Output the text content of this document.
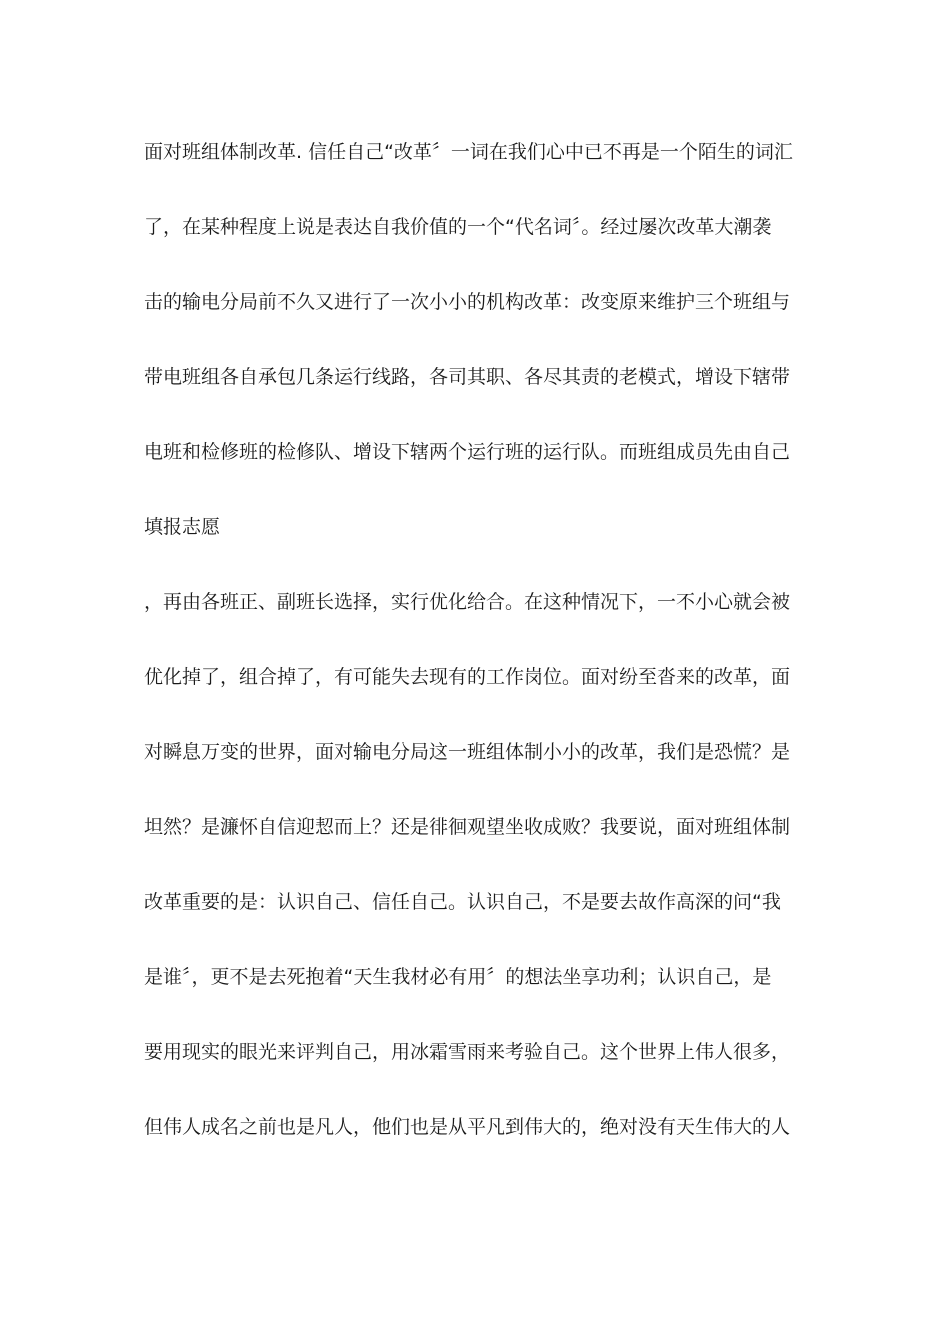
面对班组体制改革. 信任自己“改革〞一词在我们心中已不再是一个陌生的词汇
了，在某种程度上说是表达自我价值的一个“代名词〞。经过屡次改革大潮袭
击的输电分局前不久又进行了一次小小的机构改革：改变原来维护三个班组与
带电班组各自承包几条运行线路，各司其职、各尽其责的老模式，增设下辖带
电班和检修班的检修队、增设下辖两个运行班的运行队。而班组成员先由自己
填报志愿
，再由各班正、副班长选择，实行优化给合。在这种情况下，一不小心就会被
优化掉了，组合掉了，有可能失去现有的工作岗位。面对纷至沓来的改革，面
对瞬息万变的世界，面对输电分局这一班组体制小小的改革，我们是恐慌？是
坦然？是濂怀自信迎恝而上？还是徘徊观望坐收成败？我要说，面对班组体制
改革重要的是：认识自己、信任自己。认识自己，不是要去故作高深的问“我
是谁〞，更不是去死抱着“天生我材必有用〞的想法坐享功利；认识自己，是
要用现实的眼光来评判自己，用冰霜雪雨来考验自己。这个世界上伟人很多，
但伟人成名之前也是凡人，他们也是从平凡到伟大的，绝对没有天生伟大的人
